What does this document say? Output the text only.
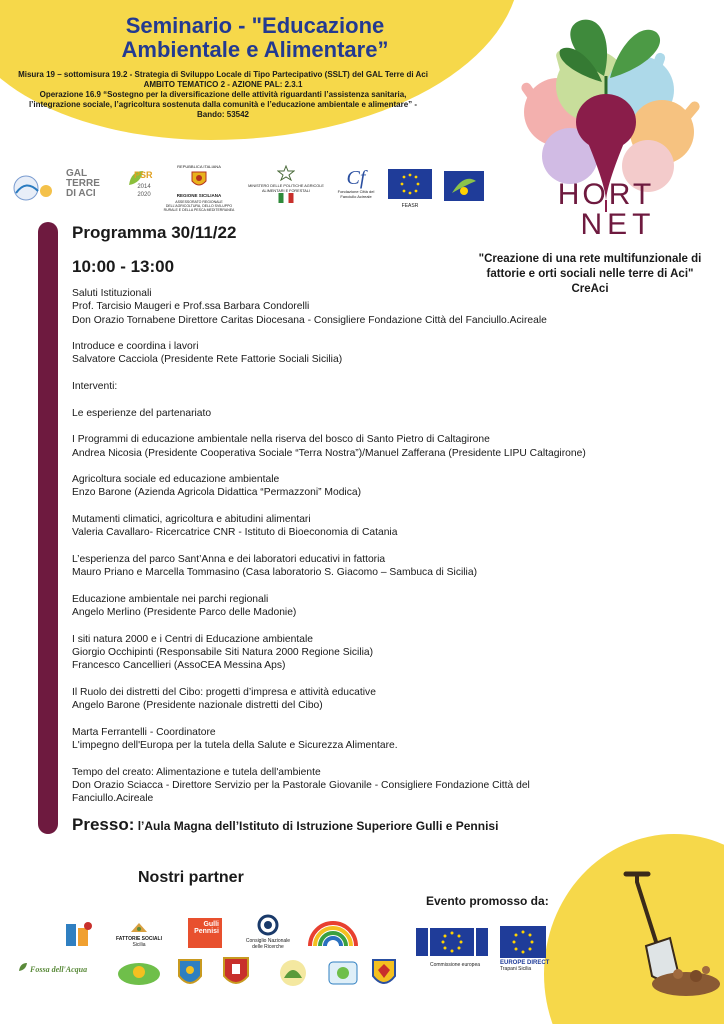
Seminario - "Educazione
Ambientale e Alimentare”
Misura 19 – sottomisura 19.2 - Strategia di Sviluppo Locale di Tipo Partecipativo (SSLT) del GAL Terre di Aci
AMBITO TEMATICO 2 - AZIONE PAL: 2.3.1
Operazione 16.9 “Sostegno per la diversificazione delle attività riguardanti l’assistenza sanitaria,
l’integrazione sociale, l’agricoltura sostenuta dalla comunità e l’educazione ambientale e alimentare” -
Bando: 53542
HORT
NET
GAL
TERRE
DI ACI
PSR
2014 2020
REPUBBLICA ITALIANA
REGIONE SICILIANA
ASSESSORATO REGIONALE DELL'AGRICOLTURA, DELLO SVILUPPO RURALE E DELLA PESCA MEDITERRANEA
MINISTERO DELLE POLITICHE AGRICOLE ALIMENTARI E FORESTALI
Cf
Fondazione Città del Fanciullo Acireale
FEASR
Programma 30/11/22
10:00 - 13:00	"Creazione di una rete multifunzionale di
fattorie e orti sociali nelle terre di Aci"
CreAci

Saluti Istituzionali

Prof. Tarcisio Maugeri e Prof.ssa Barbara Condorelli

Don Orazio Tornabene Direttore Caritas Diocesana - Consigliere Fondazione Città del Fanciullo.Acireale

Introduce e coordina i lavori

Salvatore Cacciola (Presidente Rete Fattorie Sociali Sicilia)

Interventi:

Le esperienze del partenariato

I Programmi di educazione ambientale nella riserva del bosco di Santo Pietro di Caltagirone

Andrea Nicosia (Presidente Cooperativa Sociale “Terra Nostra”)/Manuel Zafferana (Presidente LIPU Caltagirone)

Agricoltura sociale ed educazione ambientale

Enzo Barone (Azienda Agricola Didattica “Permazzoni” Modica)

Mutamenti climatici, agricoltura e abitudini alimentari

Valeria Cavallaro- Ricercatrice CNR - Istituto di Bioeconomia di Catania

L’esperienza del parco Sant’Anna e dei laboratori educativi in fattoria

Mauro Priano e Marcella Tommasino (Casa laboratorio S. Giacomo – Sambuca di Sicilia)

Educazione ambientale nei parchi regionali

Angelo Merlino (Presidente Parco delle Madonie)

I siti natura 2000 e i Centri di Educazione ambientale

Giorgio Occhipinti (Responsabile Siti Natura 2000 Regione Sicilia)

Francesco Cancellieri (AssoCEA Messina Aps)

Il Ruolo dei distretti del Cibo: progetti d’impresa e attività educative

Angelo Barone (Presidente nazionale distretti del Cibo)

Marta Ferrantelli - Coordinatore

L'impegno dell'Europa per la tutela della Salute e Sicurezza Alimentare.

Tempo del creato: Alimentazione e tutela dell'ambiente

Don Orazio Sciacca - Direttore Servizio per la Pastorale Giovanile - Consigliere Fondazione Città del

Fanciullo.Acireale

Presso: l’Aula Magna dell’Istituto di Istruzione Superiore Gulli e Pennisi
Nostri partner
Evento promosso da:
FATTORIE SOCIALI
Sicilia
Gulli
Pennisi
Consiglio Nazionale delle Ricerche
Fossa dell'Acqua	Commissione europea	EUROPE DIRECT
Trapani Sicilia
